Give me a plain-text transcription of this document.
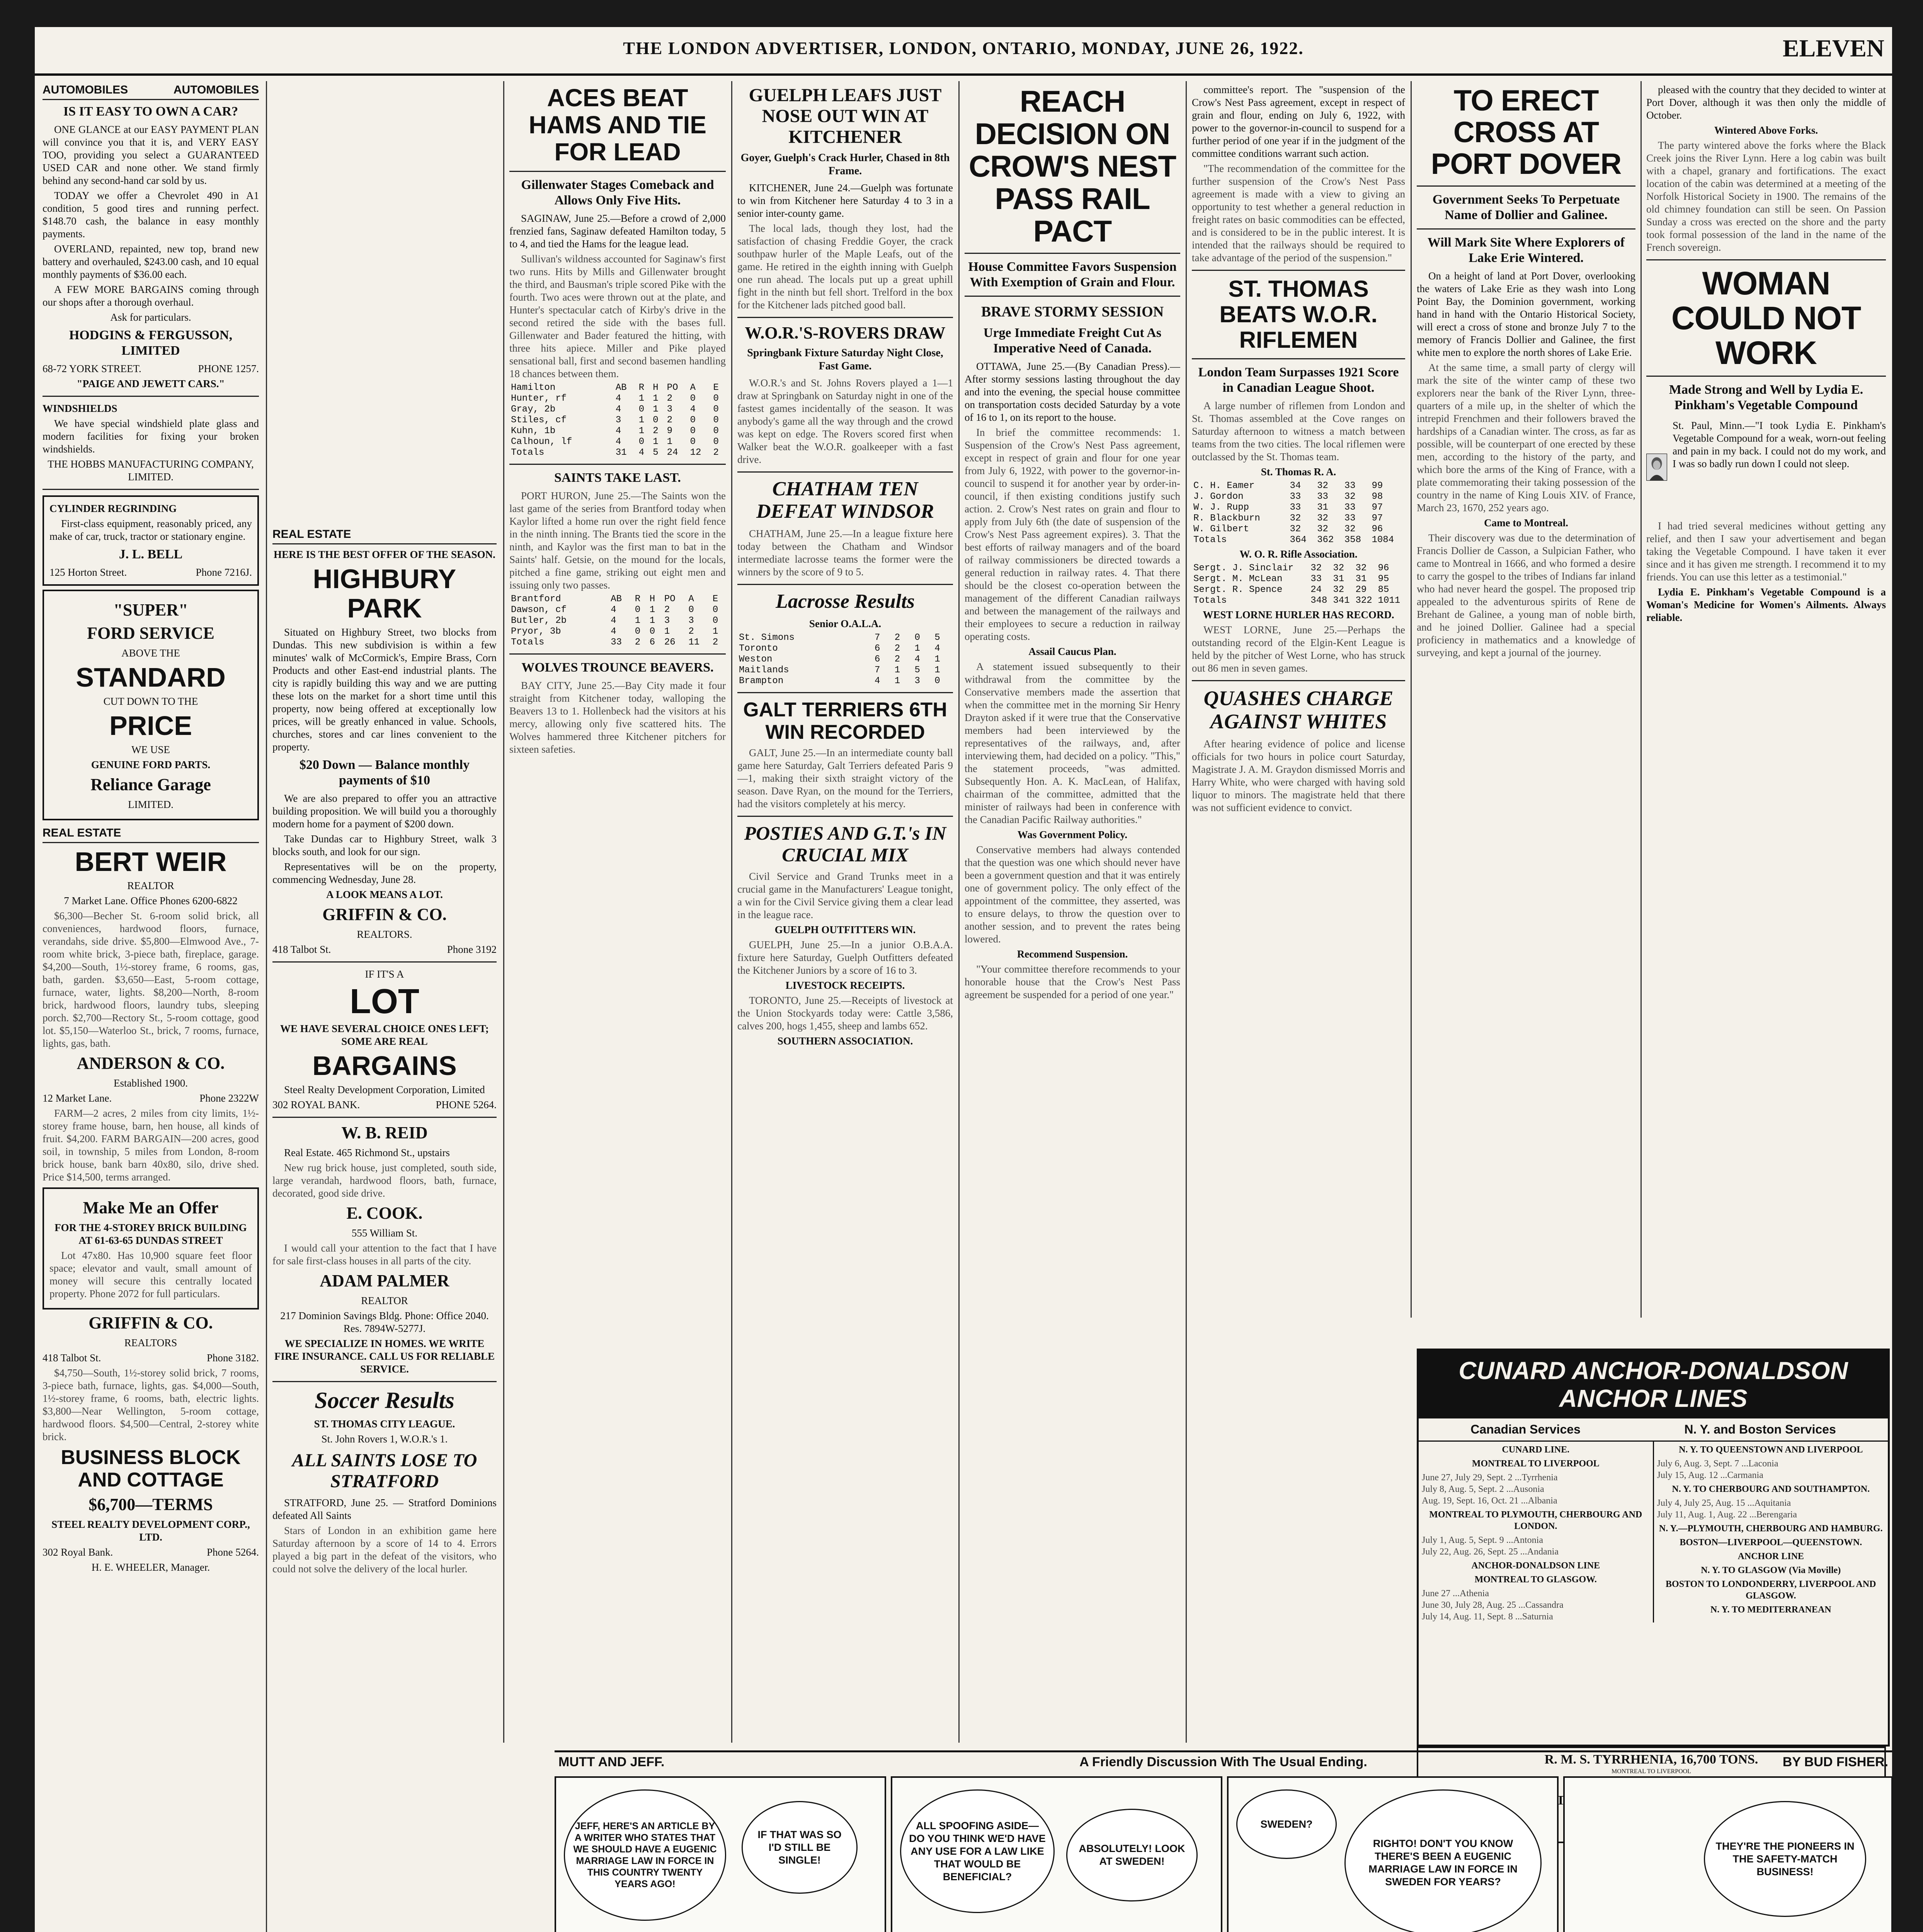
THE LONDON ADVERTISER, LONDON, ONTARIO, MONDAY, JUNE 26, 1922.	ELEVEN
AUTOMOBILES	AUTOMOBILES
IS IT EASY TO OWN A CAR?
ONE GLANCE at our EASY PAYMENT PLAN will convince you that it is, and VERY EASY TOO, providing you select a GUARANTEED USED CAR and none other. We stand firmly behind any second-hand car sold by us.
TODAY we offer a Chevrolet 490 in A1 condition, 5 good tires and running perfect. $148.70 cash, the balance in easy monthly payments.
OVERLAND, repainted, new top, brand new battery and overhauled, $243.00 cash, and 10 equal monthly payments of $36.00 each.
A FEW MORE BARGAINS coming through our shops after a thorough overhaul.
Ask for particulars.
HODGINS & FERGUSSON, LIMITED
68-72 YORK STREET.	PHONE 1257.
"PAIGE AND JEWETT CARS."
WINDSHIELDS
We have special windshield plate glass and modern facilities for fixing your broken windshields.
THE HOBBS MANUFACTURING COMPANY, LIMITED.
CYLINDER REGRINDING
First-class equipment, reasonably priced, any make of car, truck, tractor or stationary engine.
J. L. BELL
125 Horton Street.	Phone 7216J.
"SUPER"
FORD SERVICE
ABOVE THE
STANDARD
CUT DOWN TO THE
PRICE
WE USE
GENUINE FORD PARTS.
Reliance Garage
LIMITED.
REAL ESTATE
BERT WEIR
REALTOR
7 Market Lane. Office Phones 6200-6822
$6,300—Becher St. 6-room solid brick, all conveniences, hardwood floors, furnace, verandahs, side drive. $5,800—Elmwood Ave., 7-room white brick, 3-piece bath, fireplace, garage. $4,200—South, 1½-storey frame, 6 rooms, gas, bath, garden. $3,650—East, 5-room cottage, furnace, water, lights. $8,200—North, 8-room brick, hardwood floors, laundry tubs, sleeping porch. $2,700—Rectory St., 5-room cottage, good lot. $5,150—Waterloo St., brick, 7 rooms, furnace, lights, gas, bath.
ANDERSON & CO.
Established 1900.
12 Market Lane.	Phone 2322W
FARM—2 acres, 2 miles from city limits, 1½-storey frame house, barn, hen house, all kinds of fruit. $4,200. FARM BARGAIN—200 acres, good soil, in township, 5 miles from London, 8-room brick house, bank barn 40x80, silo, drive shed. Price $14,500, terms arranged.
Make Me an Offer
FOR THE 4-STOREY BRICK BUILDING AT 61-63-65 DUNDAS STREET
Lot 47x80. Has 10,900 square feet floor space; elevator and vault, small amount of money will secure this centrally located property. Phone 2072 for full particulars.
GRIFFIN & CO.
REALTORS
418 Talbot St.	Phone 3182.
$4,750—South, 1½-storey solid brick, 7 rooms, 3-piece bath, furnace, lights, gas. $4,000—South, 1½-storey frame, 6 rooms, bath, electric lights. $3,800—Near Wellington, 5-room cottage, hardwood floors. $4,500—Central, 2-storey white brick.
BUSINESS BLOCK AND COTTAGE
$6,700—TERMS
STEEL REALTY DEVELOPMENT CORP., LTD.
302 Royal Bank.	Phone 5264.
H. E. WHEELER, Manager.
REAL ESTATE
HERE IS THE BEST OFFER OF THE SEASON.
HIGHBURY PARK
Situated on Highbury Street, two blocks from Dundas. This new subdivision is within a few minutes' walk of McCormick's, Empire Brass, Corn Products and other East-end industrial plants. The city is rapidly building this way and we are putting these lots on the market for a short time until this property, now being offered at exceptionally low prices, will be greatly enhanced in value. Schools, churches, stores and car lines convenient to the property.
$20 Down — Balance monthly payments of $10
We are also prepared to offer you an attractive building proposition. We will build you a thoroughly modern home for a payment of $200 down.
Take Dundas car to Highbury Street, walk 3 blocks south, and look for our sign.
Representatives will be on the property, commencing Wednesday, June 28.
A LOOK MEANS A LOT.
GRIFFIN & CO.
REALTORS.
418 Talbot St.	Phone 3192
IF IT'S A
LOT
WE HAVE SEVERAL CHOICE ONES LEFT; SOME ARE REAL
BARGAINS
Steel Realty Development Corporation, Limited
302 ROYAL BANK.	PHONE 5264.
W. B. REID
Real Estate. 465 Richmond St., upstairs
New rug brick house, just completed, south side, large verandah, hardwood floors, bath, furnace, decorated, good side drive.
E. COOK.
555 William St.
I would call your attention to the fact that I have for sale first-class houses in all parts of the city.
ADAM PALMER
REALTOR
217 Dominion Savings Bldg. Phone: Office 2040. Res. 7894W-5277J.
WE SPECIALIZE IN HOMES. WE WRITE FIRE INSURANCE. CALL US FOR RELIABLE SERVICE.
Soccer Results
ST. THOMAS CITY LEAGUE.
St. John Rovers 1, W.O.R.'s 1.
ALL SAINTS LOSE TO STRATFORD
STRATFORD, June 25. — Stratford Dominions defeated All Saints
Stars of London in an exhibition game here Saturday afternoon by a score of 14 to 4. Errors played a big part in the defeat of the visitors, who could not solve the delivery of the local hurler.
ACES BEAT HAMS AND TIE FOR LEAD
Gillenwater Stages Comeback and Allows Only Five Hits.
SAGINAW, June 25.—Before a crowd of 2,000 frenzied fans, Saginaw defeated Hamilton today, 5 to 4, and tied the Hams for the league lead.
Sullivan's wildness accounted for Saginaw's first two runs. Hits by Mills and Gillenwater brought the third, and Bausman's triple scored Pike with the fourth. Two aces were thrown out at the plate, and Hunter's spectacular catch of Kirby's drive in the second retired the side with the bases full. Gillenwater and Bader featured the hitting, with three hits apiece. Miller and Pike played sensational ball, first and second basemen handling 18 chances between them.
Hamilton	AB	R	H	PO	A	E
Hunter, rf	4	1	1	2	0	0
Gray, 2b	4	0	1	3	4	0
Stiles, cf	3	1	0	2	0	0
Kuhn, 1b	4	1	2	9	0	0
Calhoun, lf	4	0	1	1	0	0
Totals	31	4	5	24	12	2
SAINTS TAKE LAST.
PORT HURON, June 25.—The Saints won the last game of the series from Brantford today when Kaylor lifted a home run over the right field fence in the ninth inning. The Brants tied the score in the ninth, and Kaylor was the first man to bat in the Saints' half. Getsie, on the mound for the locals, pitched a fine game, striking out eight men and issuing only two passes.
Brantford	AB	R	H	PO	A	E
Dawson, cf	4	0	1	2	0	0
Butler, 2b	4	1	1	3	3	0
Pryor, 3b	4	0	0	1	2	1
Totals	33	2	6	26	11	2
WOLVES TROUNCE BEAVERS.
BAY CITY, June 25.—Bay City made it four straight from Kitchener today, walloping the Beavers 13 to 1. Hollenbeck had the visitors at his mercy, allowing only five scattered hits. The Wolves hammered three Kitchener pitchers for sixteen safeties.
GUELPH LEAFS JUST NOSE OUT WIN AT KITCHENER
Goyer, Guelph's Crack Hurler, Chased in 8th Frame.
KITCHENER, June 24.—Guelph was fortunate to win from Kitchener here Saturday 4 to 3 in a senior inter-county game.
The local lads, though they lost, had the satisfaction of chasing Freddie Goyer, the crack southpaw hurler of the Maple Leafs, out of the game. He retired in the eighth inning with Guelph one run ahead. The locals put up a great uphill fight in the ninth but fell short. Trelford in the box for the Kitchener lads pitched good ball.
W.O.R.'S-ROVERS DRAW
Springbank Fixture Saturday Night Close, Fast Game.
W.O.R.'s and St. Johns Rovers played a 1—1 draw at Springbank on Saturday night in one of the fastest games incidentally of the season. It was anybody's game all the way through and the crowd was kept on edge. The Rovers scored first when Walker beat the W.O.R. goalkeeper with a fast drive.
CHATHAM TEN DEFEAT WINDSOR
CHATHAM, June 25.—In a league fixture here today between the Chatham and Windsor intermediate lacrosse teams the former were the winners by the score of 9 to 5.
Lacrosse Results
Senior O.A.L.A.
St. Simons	7	2	0	5
Toronto	6	2	1	4
Weston	6	2	4	1
Maitlands	7	1	5	1
Brampton	4	1	3	0
GALT TERRIERS 6TH WIN RECORDED
GALT, June 25.—In an intermediate county ball game here Saturday, Galt Terriers defeated Paris 9—1, making their sixth straight victory of the season. Dave Ryan, on the mound for the Terriers, had the visitors completely at his mercy.
POSTIES AND G.T.'s IN CRUCIAL MIX
Civil Service and Grand Trunks meet in a crucial game in the Manufacturers' League tonight, a win for the Civil Service giving them a clear lead in the league race.
GUELPH OUTFITTERS WIN.
GUELPH, June 25.—In a junior O.B.A.A. fixture here Saturday, Guelph Outfitters defeated the Kitchener Juniors by a score of 16 to 3.
LIVESTOCK RECEIPTS.
TORONTO, June 25.—Receipts of livestock at the Union Stockyards today were: Cattle 3,586, calves 200, hogs 1,455, sheep and lambs 652.
SOUTHERN ASSOCIATION.
REACH DECISION ON CROW'S NEST PASS RAIL PACT
House Committee Favors Suspension With Exemption of Grain and Flour.
BRAVE STORMY SESSION
Urge Immediate Freight Cut As Imperative Need of Canada.
OTTAWA, June 25.—(By Canadian Press).—After stormy sessions lasting throughout the day and into the evening, the special house committee on transportation costs decided Saturday by a vote of 16 to 1, on its report to the house.
In brief the committee recommends: 1. Suspension of the Crow's Nest Pass agreement, except in respect of grain and flour for one year from July 6, 1922, with power to the governor-in-council to suspend it for another year by order-in-council, if then existing conditions justify such action. 2. Crow's Nest rates on grain and flour to apply from July 6th (the date of suspension of the Crow's Nest Pass agreement expires). 3. That the best efforts of railway managers and of the board of railway commissioners be directed towards a general reduction in railway rates. 4. That there should be the closest co-operation between the management of the different Canadian railways and between the management of the railways and their employees to secure a reduction in railway operating costs.
Assail Caucus Plan.
A statement issued subsequently to their withdrawal from the committee by the Conservative members made the assertion that when the committee met in the morning Sir Henry Drayton asked if it were true that the Conservative members had been interviewed by the representatives of the railways, and, after interviewing them, had decided on a policy. "This," the statement proceeds, "was admitted. Subsequently Hon. A. K. MacLean, of Halifax, chairman of the committee, admitted that the minister of railways had been in conference with the Canadian Pacific Railway authorities."
Was Government Policy.
Conservative members had always contended that the question was one which should never have been a government question and that it was entirely one of government policy. The only effect of the appointment of the committee, they asserted, was to ensure delays, to throw the question over to another session, and to prevent the rates being lowered.
Recommend Suspension.
"Your committee therefore recommends to your honorable house that the Crow's Nest Pass agreement be suspended for a period of one year."
committee's report. The "suspension of the Crow's Nest Pass agreement, except in respect of grain and flour, ending on July 6, 1922, with power to the governor-in-council to suspend for a further period of one year if in the judgment of the committee conditions warrant such action.
"The recommendation of the committee for the further suspension of the Crow's Nest Pass agreement is made with a view to giving an opportunity to test whether a general reduction in freight rates on basic commodities can be effected, and is considered to be in the public interest. It is intended that the railways should be required to take advantage of the period of the suspension."
ST. THOMAS BEATS W.O.R. RIFLEMEN
London Team Surpasses 1921 Score in Canadian League Shoot.
A large number of riflemen from London and St. Thomas assembled at the Cove ranges on Saturday afternoon to witness a match between teams from the two cities. The local riflemen were outclassed by the St. Thomas team.
St. Thomas R. A.
C. H. Eamer	34	32	33	99
J. Gordon	33	33	32	98
W. J. Rupp	33	31	33	97
R. Blackburn	32	32	33	97
W. Gilbert	32	32	32	96
Totals	364	362	358	1084
W. O. R. Rifle Association.
Sergt. J. Sinclair	32	32	32	96
Sergt. M. McLean	33	31	31	95
Sergt. R. Spence	24	32	29	85
Totals	348	341	322	1011
WEST LORNE HURLER HAS RECORD.
WEST LORNE, June 25.—Perhaps the outstanding record of the Elgin-Kent League is held by the pitcher of West Lorne, who has struck out 86 men in seven games.
QUASHES CHARGE AGAINST WHITES
After hearing evidence of police and license officials for two hours in police court Saturday, Magistrate J. A. M. Graydon dismissed Morris and Harry White, who were charged with having sold liquor to minors. The magistrate held that there was not sufficient evidence to convict.
TO ERECT CROSS AT PORT DOVER
Government Seeks To Perpetuate Name of Dollier and Galinee.
Will Mark Site Where Explorers of Lake Erie Wintered.
On a height of land at Port Dover, overlooking the waters of Lake Erie as they wash into Long Point Bay, the Dominion government, working hand in hand with the Ontario Historical Society, will erect a cross of stone and bronze July 7 to the memory of Francis Dollier and Galinee, the first white men to explore the north shores of Lake Erie.
At the same time, a small party of clergy will mark the site of the winter camp of these two explorers near the bank of the River Lynn, three-quarters of a mile up, in the shelter of which the intrepid Frenchmen and their followers braved the hardships of a Canadian winter. The cross, as far as possible, will be counterpart of one erected by these men, according to the history of the party, and which bore the arms of the King of France, with a plate commemorating their taking possession of the country in the name of King Louis XIV. of France, March 23, 1670, 252 years ago.
Came to Montreal.
Their discovery was due to the determination of Francis Dollier de Casson, a Sulpician Father, who came to Montreal in 1666, and who formed a desire to carry the gospel to the tribes of Indians far inland who had never heard the gospel. The proposed trip appealed to the adventurous spirits of Rene de Brehant de Galinee, a young man of noble birth, and he joined Dollier. Galinee had a special proficiency in mathematics and a knowledge of surveying, and kept a journal of the journey.
pleased with the country that they decided to winter at Port Dover, although it was then only the middle of October.
Wintered Above Forks.
The party wintered above the forks where the Black Creek joins the River Lynn. Here a log cabin was built with a chapel, granary and fortifications. The exact location of the cabin was determined at a meeting of the Norfolk Historical Society in 1900. The remains of the old chimney foundation can still be seen. On Passion Sunday a cross was erected on the shore and the party took formal possession of the land in the name of the French sovereign.
WOMAN COULD NOT WORK
Made Strong and Well by Lydia E. Pinkham's Vegetable Compound
St. Paul, Minn.—"I took Lydia E. Pinkham's Vegetable Compound for a weak, worn-out feeling and pain in my back. I could not do my work, and I was so badly run down I could not sleep.
I had tried several medicines without getting any relief, and then I saw your advertisement and began taking the Vegetable Compound. I have taken it ever since and it has given me strength. I recommend it to my friends. You can use this letter as a testimonial."
Lydia E. Pinkham's Vegetable Compound is a Woman's Medicine for Women's Ailments. Always reliable.
CUNARD ANCHOR-DONALDSON ANCHOR LINES
Canadian Services	N. Y. and Boston Services
CUNARD LINE.
MONTREAL TO LIVERPOOL
June 27, July 29, Sept. 2 ...Tyrrhenia
July 8, Aug. 5, Sept. 2 ...Ausonia
Aug. 19, Sept. 16, Oct. 21 ...Albania
MONTREAL TO PLYMOUTH, CHERBOURG AND LONDON.
July 1, Aug. 5, Sept. 9 ...Antonia
July 22, Aug. 26, Sept. 25 ...Andania
ANCHOR-DONALDSON LINE
MONTREAL TO GLASGOW.
June 27 ...Athenia
June 30, July 28, Aug. 25 ...Cassandra
July 14, Aug. 11, Sept. 8 ...Saturnia

N. Y. TO QUEENSTOWN AND LIVERPOOL
July 6, Aug. 3, Sept. 7 ...Laconia
July 15, Aug. 12 ...Carmania
N. Y. TO CHERBOURG AND SOUTHAMPTON.
July 4, July 25, Aug. 15 ...Aquitania
July 11, Aug. 1, Aug. 22 ...Berengaria
N. Y.—PLYMOUTH, CHERBOURG AND HAMBURG.
BOSTON—LIVERPOOL—QUEENSTOWN.
ANCHOR LINE
N. Y. TO GLASGOW (Via Moville)
BOSTON TO LONDONDERRY, LIVERPOOL AND GLASGOW.
N. Y. TO MEDITERRANEAN
R. M. S. TYRRHENIA, 16,700 TONS.
MONTREAL TO LIVERPOOL
MUTT AND JEFF.	A Friendly Discussion With The Usual Ending.	BY BUD FISHER.
JEFF, HERE'S AN ARTICLE BY A WRITER WHO STATES THAT WE SHOULD HAVE A EUGENIC MARRIAGE LAW IN FORCE IN THIS COUNTRY TWENTY YEARS AGO!
IF THAT WAS SO I'D STILL BE SINGLE!
ALL SPOOFING ASIDE—DO YOU THINK WE'D HAVE ANY USE FOR A LAW LIKE THAT WOULD BE BENEFICIAL?
ABSOLUTELY! LOOK AT SWEDEN!
SWEDEN?
RIGHTO! DON'T YOU KNOW THERE'S BEEN A EUGENIC MARRIAGE LAW IN FORCE IN SWEDEN FOR YEARS?
THEY'RE THE PIONEERS IN THE SAFETY-MATCH BUSINESS!
